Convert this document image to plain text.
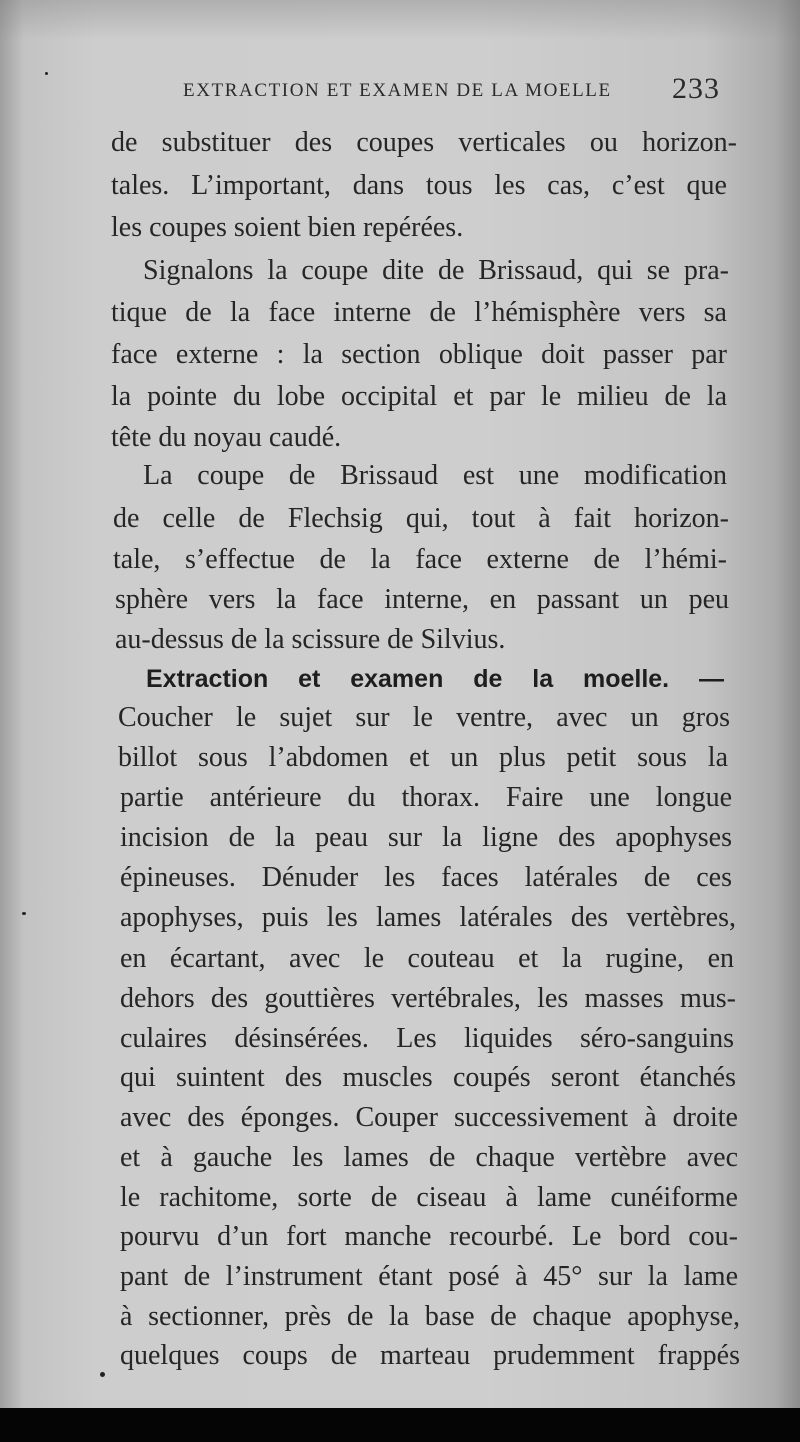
EXTRACTION ET EXAMEN DE LA MOELLE 233
de substituer des coupes verticales ou horizon-
tales. L’important, dans tous les cas, c’est que
les coupes soient bien repérées.
Signalons la coupe dite de Brissaud, qui se pra-
tique de la face interne de l’hémisphère vers sa
face externe : la section oblique doit passer par
la pointe du lobe occipital et par le milieu de la
tête du noyau caudé.
La coupe de Brissaud est une modification
de celle de Flechsig qui, tout à fait horizon-
tale, s’effectue de la face externe de l’hémi-
sphère vers la face interne, en passant un peu
au-dessus de la scissure de Silvius.
Extraction et examen de la moelle. —
Coucher le sujet sur le ventre, avec un gros
billot sous l’abdomen et un plus petit sous la
partie antérieure du thorax. Faire une longue
incision de la peau sur la ligne des apophyses
épineuses. Dénuder les faces latérales de ces
apophyses, puis les lames latérales des vertèbres,
en écartant, avec le couteau et la rugine, en
dehors des gouttières vertébrales, les masses mus-
culaires désinsérées. Les liquides séro-sanguins
qui suintent des muscles coupés seront étanchés
avec des éponges. Couper successivement à droite
et à gauche les lames de chaque vertèbre avec
le rachitome, sorte de ciseau à lame cunéiforme
pourvu d’un fort manche recourbé. Le bord cou-
pant de l’instrument étant posé à 45° sur la lame
à sectionner, près de la base de chaque apophyse,
quelques coups de marteau prudemment frappés
